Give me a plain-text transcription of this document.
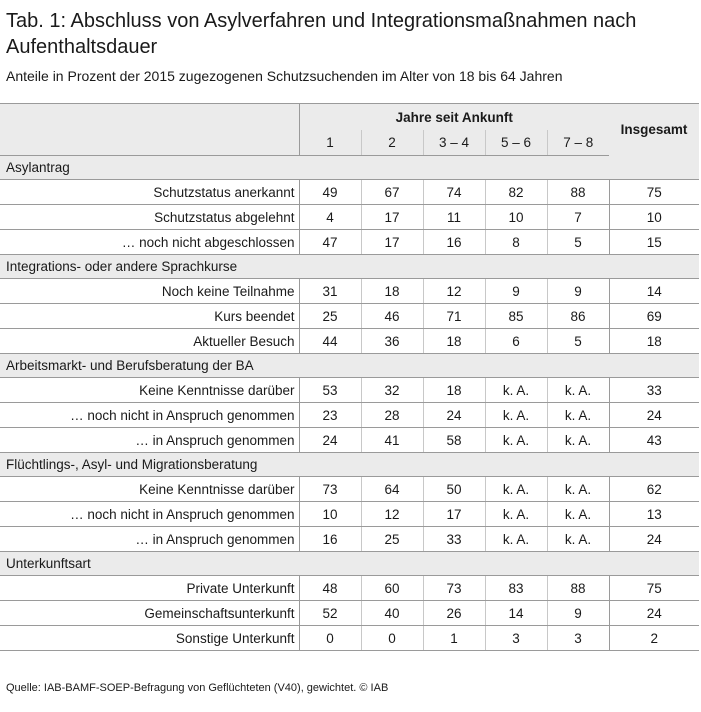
Tab. 1: Abschluss von Asylverfahren und Integrationsmaßnahmen nach Aufenthaltsdauer
Anteile in Prozent der 2015 zugezogenen Schutzsuchenden im Alter von 18 bis 64 Jahren
	Jahre seit Ankunft					Insgesamt
	1	2	3 – 4	5 – 6	7 – 8	
Asylantrag						
Schutzstatus anerkannt	49	67	74	82	88	75
Schutzstatus abgelehnt	4	17	11	10	7	10
… noch nicht abgeschlossen	47	17	16	8	5	15
Integrations- oder andere Sprachkurse						
Noch keine Teilnahme	31	18	12	9	9	14
Kurs beendet	25	46	71	85	86	69
Aktueller Besuch	44	36	18	6	5	18
Arbeitsmarkt- und Berufsberatung der BA						
Keine Kenntnisse darüber	53	32	18	k. A.	k. A.	33
… noch nicht in Anspruch genommen	23	28	24	k. A.	k. A.	24
… in Anspruch genommen	24	41	58	k. A.	k. A.	43
Flüchtlings-, Asyl- und Migrationsberatung						
Keine Kenntnisse darüber	73	64	50	k. A.	k. A.	62
… noch nicht in Anspruch genommen	10	12	17	k. A.	k. A.	13
… in Anspruch genommen	16	25	33	k. A.	k. A.	24
Unterkunftsart						
Private Unterkunft	48	60	73	83	88	75
Gemeinschaftsunterkunft	52	40	26	14	9	24
Sonstige Unterkunft	0	0	1	3	3	2
Quelle: IAB-BAMF-SOEP-Befragung von Geflüchteten (V40), gewichtet. © IAB
